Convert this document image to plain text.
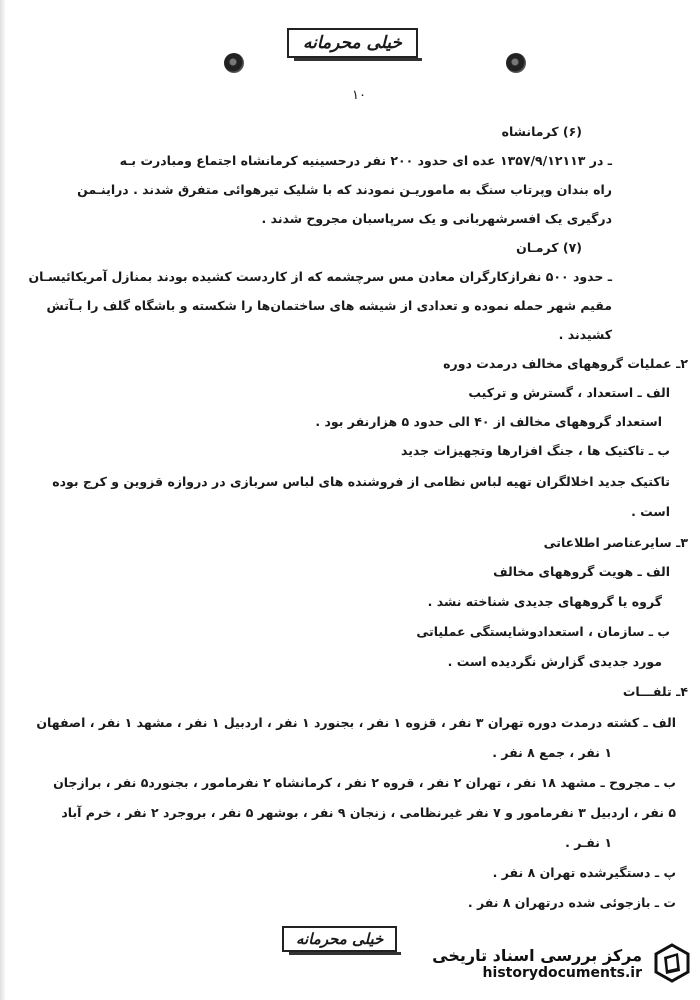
خیلی محرمانه
۱۰
(۶) کرمانشاه
ـ در ۱۳۵۷/۹/۱۲۱۱۳ عده ای حدود ۲۰۰ نفر درحسینیه کرمانشاه اجتماع ومبادرت بـه
راه بندان وپرتاب سنگ به ماموریـن نمودند که با شلیک تیرهوائی متفرق شدند . دراینـمن
درگیری یک افسرشهربانی و یک سرپاسبان مجروح شدند .
(۷) کرمـان
ـ حدود ۵۰۰ نفرازکارگران معادن مس سرچشمه که از کاردست کشیده بودند بمنازل آمریکائیسـان
مقیم شهر حمله نموده و تعدادی از شیشه های ساختمان‌ها را شکسته و باشگاه گلف را بـآتش
کشیدند .
۲ـ عملیات گروههای مخالف درمدت دوره
الف ـ استعداد ، گسترش و ترکیب
استعداد گروههای مخالف از ۴۰ الی حدود ۵ هزارنفر بود .
ب ـ تاکتیک ها ، جنگ افزارها وتجهیزات جدید
تاکتیک جدید اخلالگران تهیه لباس نظامی از فروشنده های لباس سربازی در دروازه قزوین و کرج بوده
است .
۳ـ سایرعناصر اطلاعاتی
الف ـ هویت گروههای مخالف
گروه یا گروههای جدیدی شناخته نشد .
ب ـ سازمان ، استعدادوشایستگی عملیاتی
مورد جدیدی گزارش نگردیده است .
۴ـ تلفـــات
الف ـ کشته درمدت دوره تهران ۳ نفر ، قزوه ۱ نفر ، بجنورد ۱ نفر ، اردبیل ۱ نفر ، مشهد ۱ نفر ، اصفهان
۱ نفر ، جمع ۸ نفر .
ب ـ مجروح ـ مشهد ۱۸ نفر ، تهران ۲ نفر ، قروه ۲ نفر ، کرمانشاه ۲ نفرمامور ، بجنورد۵ نفر ، برازجان
۵ نفر ، اردبیل ۳ نفرمامور و ۷ نفر غیرنظامی ، زنجان ۹ نفر ، بوشهر ۵ نفر ، بروجرد ۲ نفر ، خرم آباد
۱ نفـر .
پ ـ دستگیرشده تهران ۸ نفر .
ت ـ بازجوئی شده درتهران ۸ نفر .
خیلی محرمانه
مرکز بررسی اسناد تاریخی
historydocuments.ir
